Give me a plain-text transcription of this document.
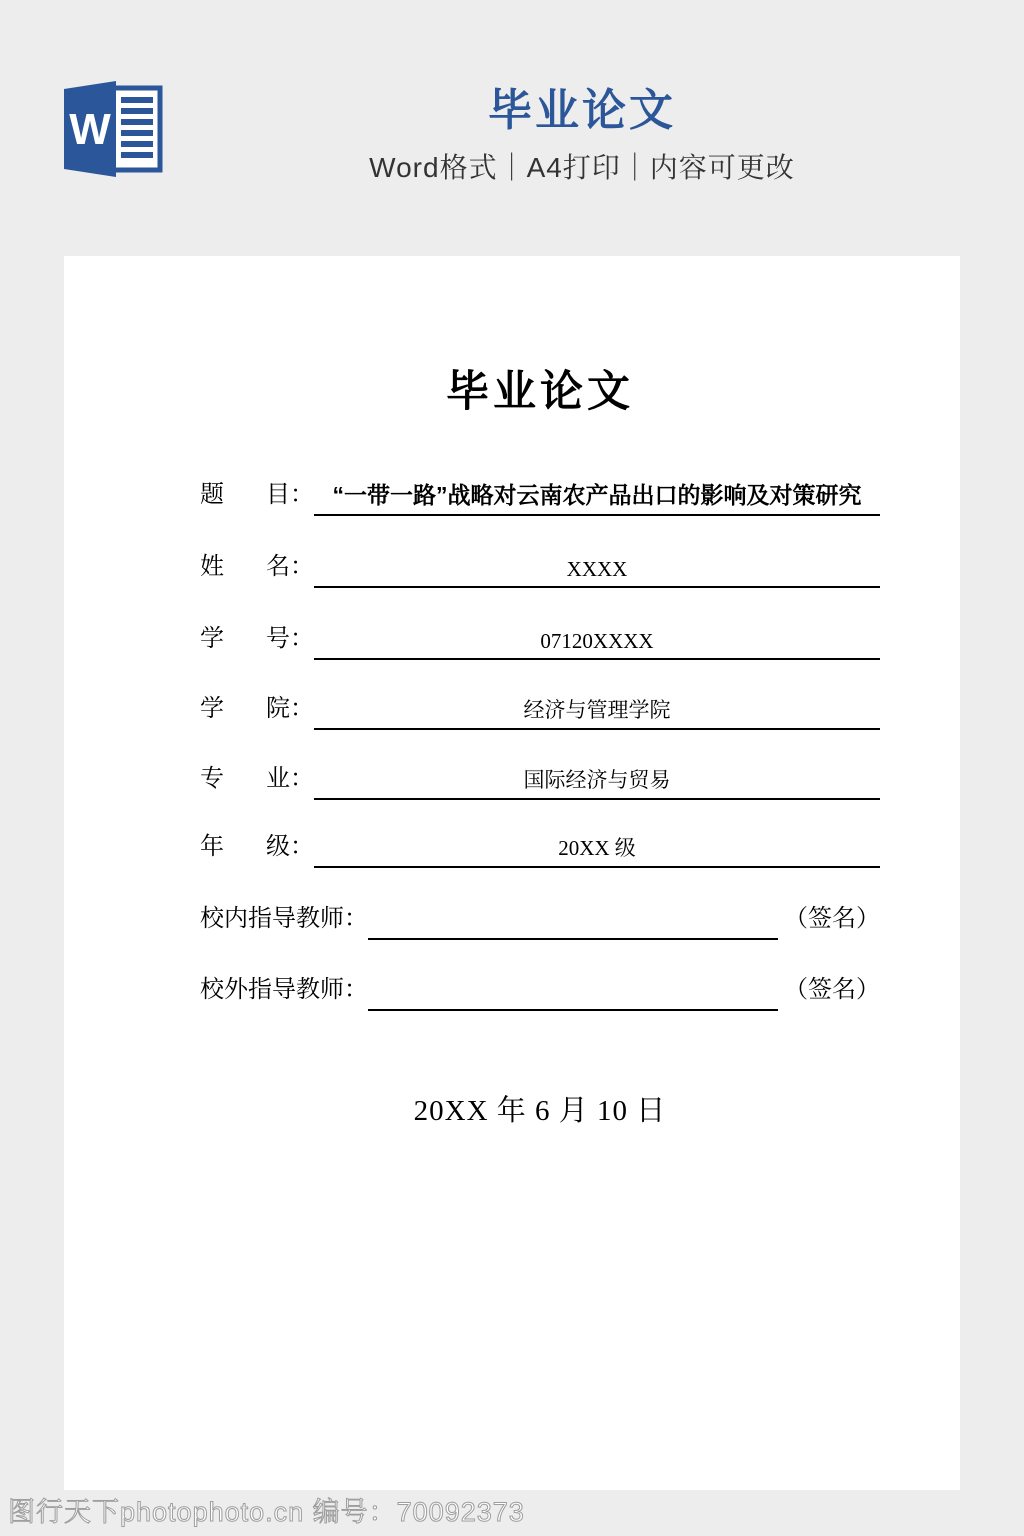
W	毕业论文
Word格式｜A4打印｜内容可更改
毕业论文
题目 ： “一带一路”战略对云南农产品出口的影响及对策研究
姓名 ：	XXXX
学号 ：	07120XXXX
学院 ：	经济与管理学院
专业 ：	国际经济与贸易
年级 ：	20XX 级
校内指导教师 ：	（签名）
校外指导教师 ：	（签名）
20XX 年 6 月 10 日
图行天下photophoto.cn 编号：70092373
